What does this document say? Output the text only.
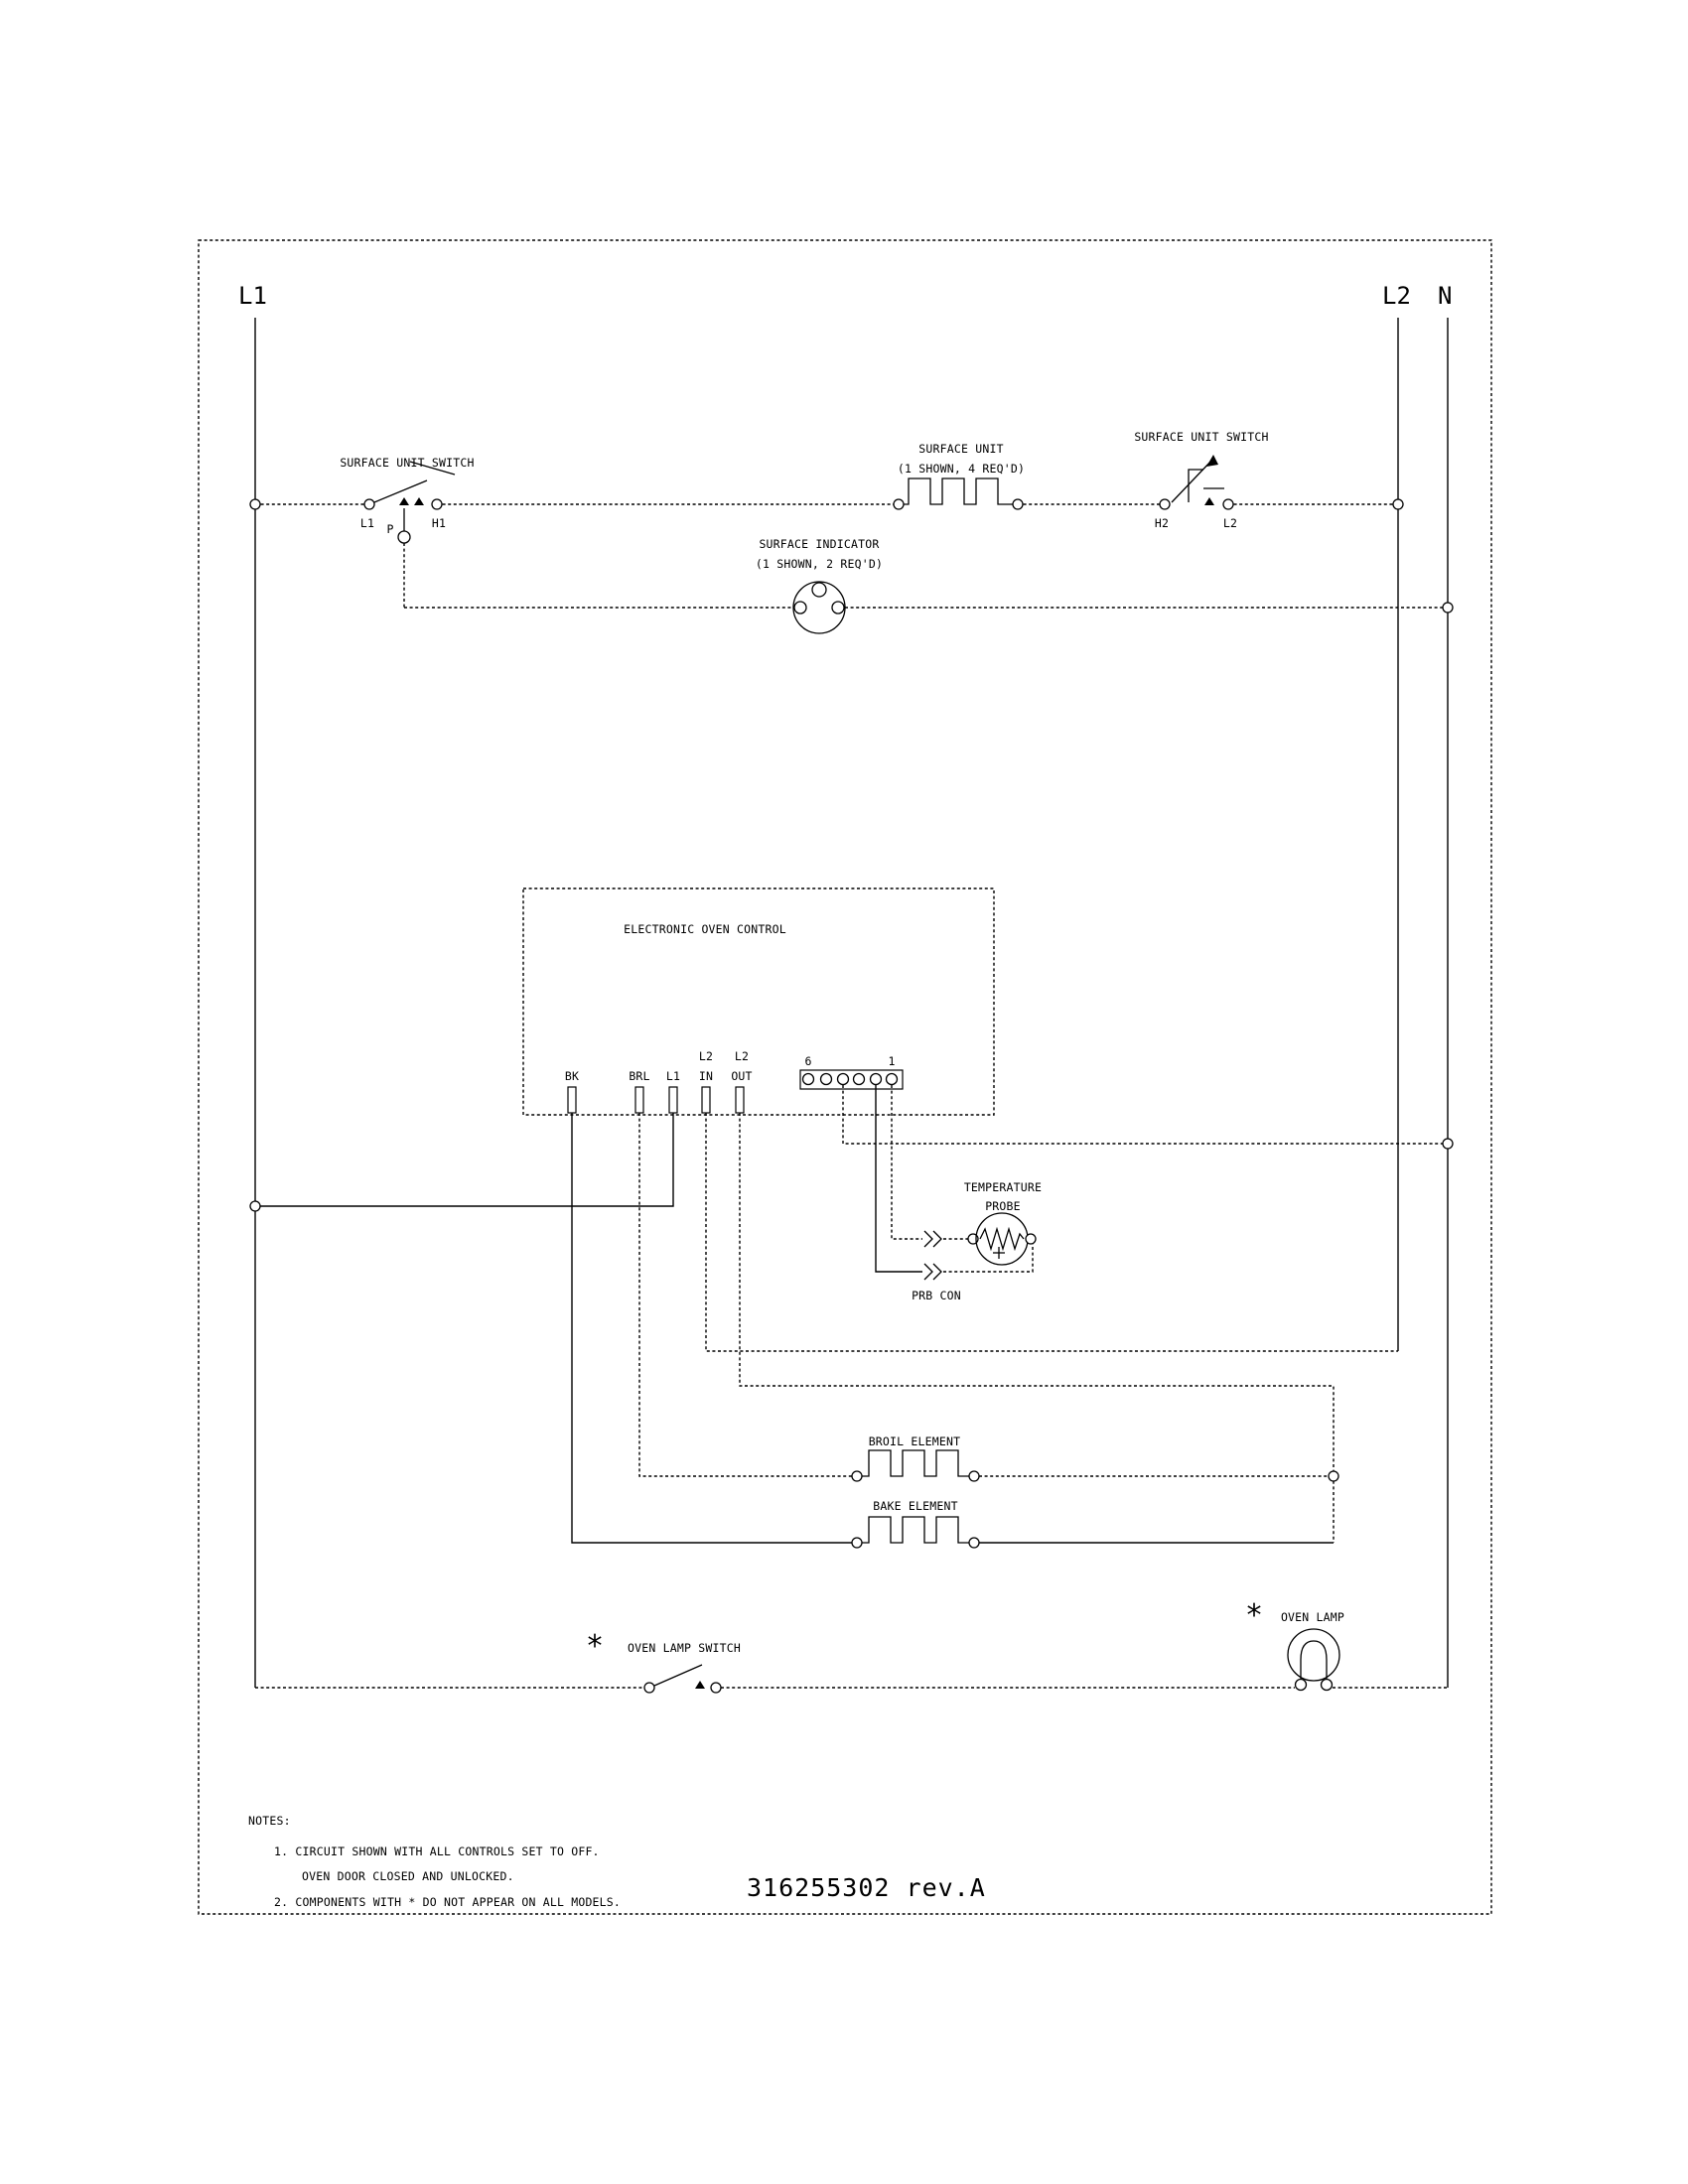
L1	L2 N
SURFACE UNIT SWITCH
L1 P	H1
SURFACE UNIT
(1 SHOWN, 4 REQ'D)
SURFACE UNIT SWITCH
H2	L2
SURFACE INDICATOR
(1 SHOWN, 2 REQ'D)
ELECTRONIC OVEN CONTROL
BK	BRL L1
L2
IN
L2
OUT
6	1
TEMPERATURE
PROBE
PRB CON
BROIL ELEMENT
BAKE ELEMENT
* OVEN LAMP SWITCH
* OVEN LAMP
NOTES:
1. CIRCUIT SHOWN WITH ALL CONTROLS SET TO OFF.
OVEN DOOR CLOSED AND UNLOCKED.
2. COMPONENTS WITH * DO NOT APPEAR ON ALL MODELS.	316255302 rev.A
